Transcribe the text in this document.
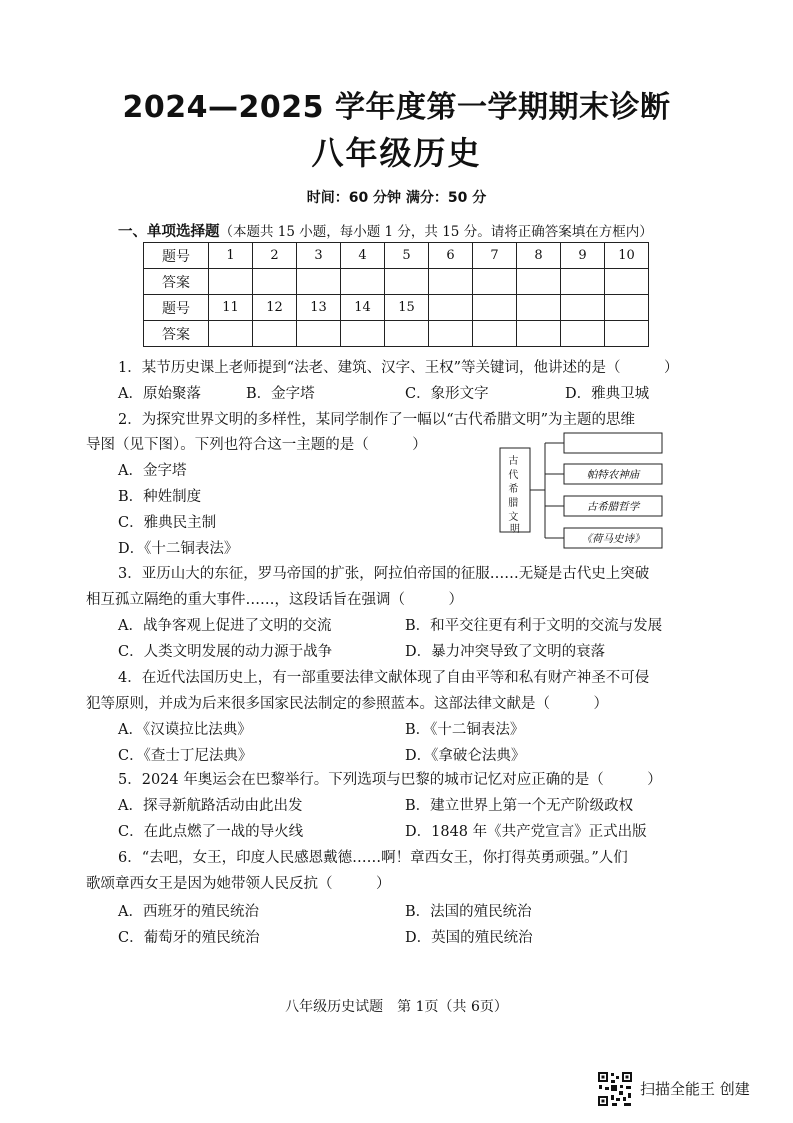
2024—2025 学年度第一学期期末诊断
八年级历史
时间：60 分钟 满分：50 分
一、单项选择题（本题共 15 小题，每小题 1 分，共 15 分。请将正确答案填在方框内）
题号	1	2	3	4	5	6	7	8	9	10
答案										
题号	11	12	13	14	15					
答案										
1．某节历史课上老师提到“法老、建筑、汉字、王权”等关键词，他讲述的是（　　　）
A．原始聚落	B．金字塔	C．象形文字	D．雅典卫城
2．为探究世界文明的多样性，某同学制作了一幅以“古代希腊文明”为主题的思维
导图（见下图）。下列也符合这一主题的是（　　　）
A．金字塔
B．种姓制度
C．雅典民主制
D．《十二铜表法》
古 代 希 腊 文 明
帕特农神庙
古希腊哲学
《荷马史诗》
3．亚历山大的东征，罗马帝国的扩张，阿拉伯帝国的征服……无疑是古代史上突破
相互孤立隔绝的重大事件……，这段话旨在强调（　　　）
A．战争客观上促进了文明的交流	B．和平交往更有利于文明的交流与发展
C．人类文明发展的动力源于战争	D．暴力冲突导致了文明的衰落
4．在近代法国历史上，有一部重要法律文献体现了自由平等和私有财产神圣不可侵
犯等原则，并成为后来很多国家民法制定的参照蓝本。这部法律文献是（　　　）
A．《汉谟拉比法典》	B．《十二铜表法》
C．《查士丁尼法典》	D．《拿破仑法典》
5．2024 年奥运会在巴黎举行。下列选项与巴黎的城市记忆对应正确的是（　　　）
A．探寻新航路活动由此出发	B．建立世界上第一个无产阶级政权
C．在此点燃了一战的导火线	D．1848 年《共产党宣言》正式出版
6．“去吧，女王，印度人民感恩戴德……啊！章西女王，你打得英勇顽强。”人们
歌颂章西女王是因为她带领人民反抗（　　　）
A．西班牙的殖民统治	B．法国的殖民统治
C．葡萄牙的殖民统治	D．英国的殖民统治
八年级历史试题　第 1页（共 6页）
扫描全能王 创建
